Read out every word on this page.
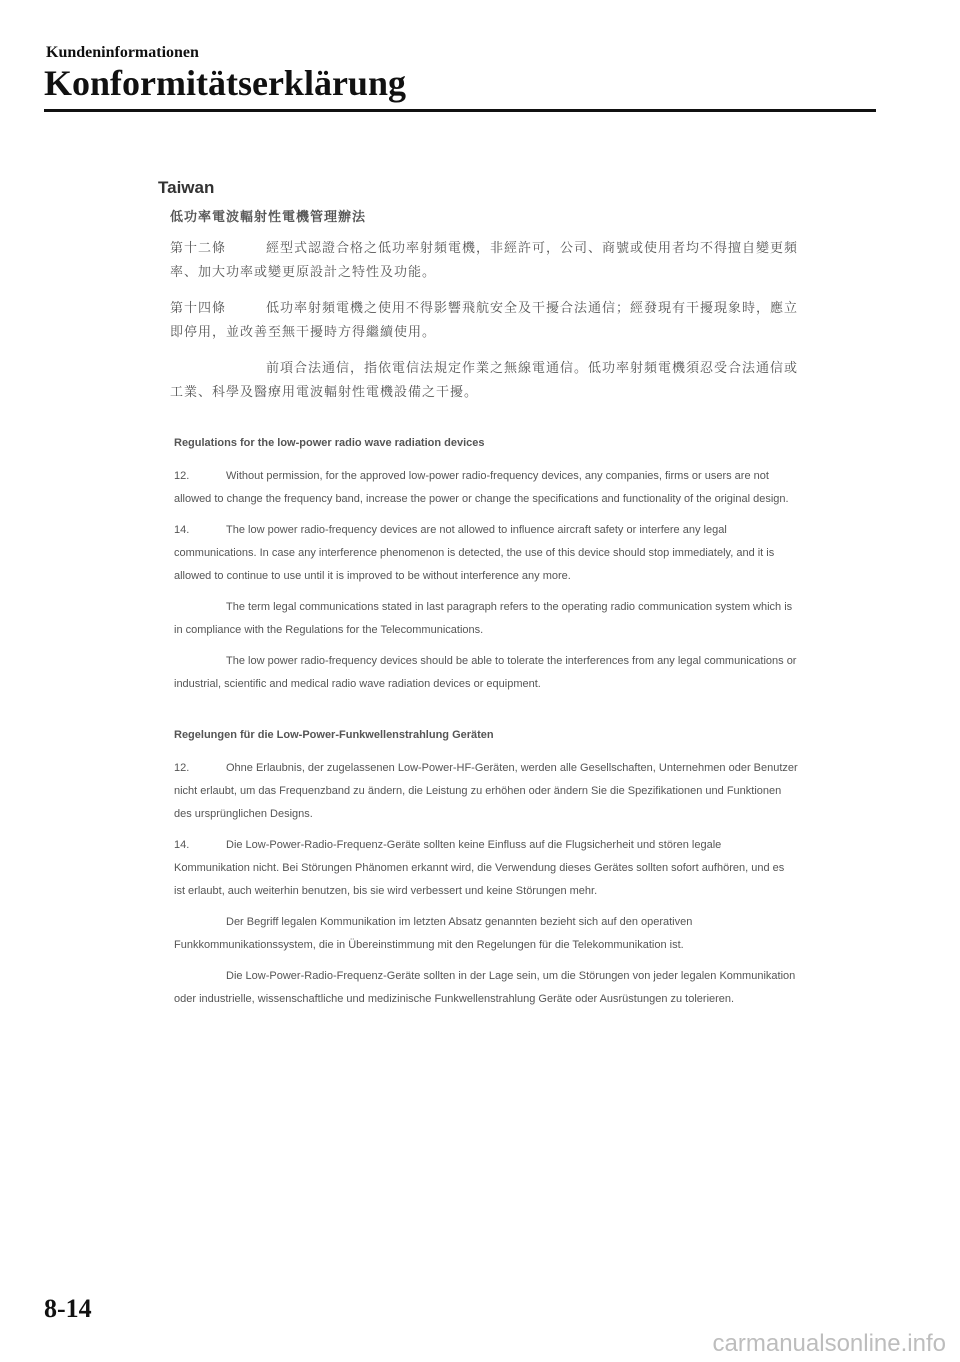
Kundeninformationen
Konformitätserklärung
Taiwan
低功率電波輻射性電機管理辦法
第十二條	經型式認證合格之低功率射頻電機，非經許可，公司、商號或使用者均不得擅自變更頻率、加大功率或變更原設計之特性及功能。
第十四條	低功率射頻電機之使用不得影響飛航安全及干擾合法通信；經發現有干擾現象時，應立即停用，並改善至無干擾時方得繼續使用。
前項合法通信，指依電信法規定作業之無線電通信。低功率射頻電機須忍受合法通信或工業、科學及醫療用電波輻射性電機設備之干擾。
Regulations for the low-power radio wave radiation devices
12.	Without permission, for the approved low-power radio-frequency devices, any companies, firms or users are not allowed to change the frequency band, increase the power or change the specifications and functionality of the original design.
14.	The low power radio-frequency devices are not allowed to influence aircraft safety or interfere any legal communications. In case any interference phenomenon is detected, the use of this device should stop immediately, and it is allowed to continue to use until it is improved to be without interference any more.
The term legal communications stated in last paragraph refers to the operating radio communication system which is in compliance with the Regulations for the Telecommunications.
The low power radio-frequency devices should be able to tolerate the interferences from any legal communications or industrial, scientific and medical radio wave radiation devices or equipment.
Regelungen für die Low-Power-Funkwellenstrahlung Geräten
12.	Ohne Erlaubnis, der zugelassenen Low-Power-HF-Geräten, werden alle Gesellschaften, Unternehmen oder Benutzer nicht erlaubt, um das Frequenzband zu ändern, die Leistung zu erhöhen oder ändern Sie die Spezifikationen und Funktionen des ursprünglichen Designs.
14.	Die Low-Power-Radio-Frequenz-Geräte sollten keine Einfluss auf die Flugsicherheit und stören legale Kommunikation nicht. Bei Störungen Phänomen erkannt wird, die Verwendung dieses Gerätes sollten sofort aufhören, und es ist erlaubt, auch weiterhin benutzen, bis sie wird verbessert und keine Störungen mehr.
Der Begriff legalen Kommunikation im letzten Absatz genannten bezieht sich auf den operativen Funkkommunikationssystem, die in Übereinstimmung mit den Regelungen für die Telekommunikation ist.
Die Low-Power-Radio-Frequenz-Geräte sollten in der Lage sein, um die Störungen von jeder legalen Kommunikation oder industrielle, wissenschaftliche und medizinische Funkwellenstrahlung Geräte oder Ausrüstungen zu tolerieren.
8-14
carmanualsonline.info
